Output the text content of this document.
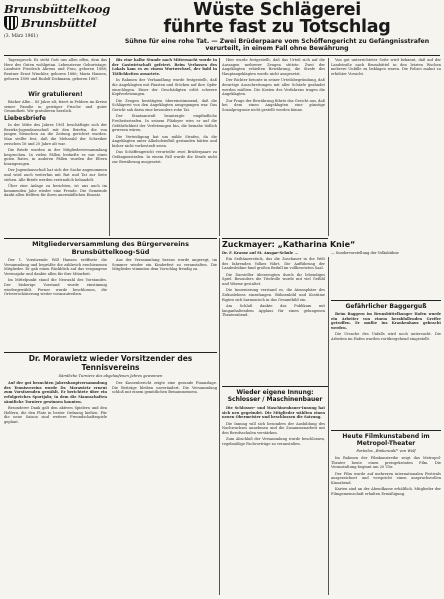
Brunsbüttelkoog
Brunsbüttel
(3. März 1961)
Wüste Schlägerei
führte fast zu Totschlag
Sühne für eine rohe Tat. — Zwei Brüderpaare vom Schöffengericht zu Gefängnisstrafen verurteilt, in einem Fall ohne Bewährung

Tagesspruch: Es steht Gott uns allen offen, dem das Herz des Guten wohlgetan. Lebenstreue Geburtstage: Landwirt Friedrich Ahrens und Frau, geboren 1888; Rentner Ernst Winckler, geboren 1886; Maria Hansen, geboren 1890 und Rudolf Dickmann, geboren 1887.

Wir gratulieren!

Bäcker Albe... 85 Jahre alt, feiert in Feldern im Kreise seiner Familie in geistiger Frische und guter Gesundheit. Wir gratulieren herzlich.

Liebesbriefe

In der Mitte des Jahres 1961 beschäftigte sich der Bezirks-Jugendausschuß mit den Briefen, die von jungen Menschen an die Zeitung gerichtet wurden. Man stellte fest, daß die Mehrzahl der Schreiber zwischen 16 und 20 Jahre alt war.

Die Briefe wurden in der Mitgliederversammlung besprochen. In vielen Fällen bedurfte es nur eines guten Rates, in anderen Fällen wurden die Eltern hinzugezogen.

Der Jugendausschuß hat sich der Sache angenommen und wird auch weiterhin mit Rat und Tat zur Seite stehen. Alle Briefe werden vertraulich behandelt.

Über eine Anlage zu berichten, ist uns auch im kommenden Jahr wieder eine Freude. Die Gemeinde dankt allen Helfern für ihren unermüdlichen Einsatz.

Bis eine halbe Stunde nach Mitternacht wurde in der Gastwirtschaft gefeiert. Beim Verlassen des Lokals kam es zu einem Wortwechsel, der bald in Tätlichkeiten ausartete.

In Rahmen der Verhandlung wurde festgestellt, daß die Angeklagten mit Fäusten und Stöcken auf ihre Opfer einschlugen. Einer der Geschädigten erlitt schwere Kopfverletzungen.

Die Zeugen bestätigten übereinstimmend, daß die Schlägerei von den Angeklagten ausgegangen war. Das Gericht sah darin eine besonders rohe Tat.

Der Staatsanwalt beantragte empfindliche Freiheitsstrafen. In seinem Plädoyer wies er auf die Gefährlichkeit der Verletzungen hin, die beinahe tödlich gewesen wären.

Die Verteidigung bat um milde Strafen, da die Angeklagten unter Alkoholeinfluß gestanden hätten und bisher nicht vorbestraft seien.

Das Schöffengericht verurteilte zwei Brüderpaare zu Gefängnisstrafen. In einem Fall wurde die Strafe nicht zur Bewährung ausgesetzt.

Hier wurde festgestellt, daß das Urteil sich auf die Aussagen mehrerer Zeugen stützte. Zwei der Angeklagten erhielten Bewährung, die Strafe des Hauptangeklagten wurde nicht ausgesetzt.

Der Richter betonte in seiner Urteilsbegründung, daß derartige Ausschreitungen mit aller Schärfe geahndet werden müßten. Die Kosten des Verfahrens tragen die Angeklagten.

Zur Frage der Bewährung führte das Gericht aus, daß bei dem einen Angeklagten eine günstige Sozialprognose nicht gestellt werden könne.

Von gut unterrichteter Seite wird bekannt, daß auf der Landstraße nach Brunsbüttel in den letzten Wochen mehrere Unfälle zu beklagen waren. Die Polizei mahnt zu erhöhter Vorsicht.

Mitgliederversammlung des Bürgervereins Brunsbüttelkoog-Süd

Der 1. Vorsitzende Will Hansen eröffnete die Versammlung und begrüßte die zahlreich erschienenen Mitglieder. Er gab einen Rückblick auf das vergangene Vereinsjahr und dankte allen für ihre Mitarbeit.

Im Mittelpunkt stand die Neuwahl des Vorstandes. Der bisherige Vorstand wurde einstimmig wiedergewählt. Ferner wurde beschlossen, die Ortsverschönerung weiter voranzutreiben.

Aus der Versammlung heraus wurde angeregt, im Sommer wieder ein Kinderfest zu veranstalten. Die Mitglieder stimmten dem Vorschlag freudig zu.

Dr. Morawietz wieder Vorsitzender des Tennisvereins
Sämtliche Turniere des abgelaufenen Jahres gewonnen

Auf der gut besuchten Jahreshauptversammlung des Tennisvereins wurde Dr. Morawietz erneut zum Vorsitzenden gewählt. Er berichtete über ein erfolgreiches Sportjahr, in dem die Mannschaften sämtliche Turniere gewinnen konnten.

Besonderer Dank galt den aktiven Spielern und den Helfern, die den Platz in bester Ordnung hielten. Für die neue Saison sind weitere Freundschaftsspiele geplant.

Der Kassenbericht zeigte eine gesunde Finanzlage. Die Beiträge bleiben unverändert. Die Versammlung schloß mit einem gemütlichen Beisammensein.

Zuckmayer: „Katharina Knie“
Dr. F. Krause auf St. Ansgar-Schule ...	— Sondervorstellung der Volksbühne

Ein Seiltänzerstück, das die Zuschauer in die Welt des fahrenden Volkes führt. Die Aufführung der Landesbühne fand großen Beifall im vollbesetzten Saal.

Die Darsteller überzeugten durch ihr lebendiges Spiel. Besonders die Titelrolle wurde mit viel Gefühl und Wärme gestaltet.

Die Inszenierung verstand es, die Atmosphäre des Zirkuslebens einzufangen. Bühnenbild und Kostüme fügten sich harmonisch in das Gesamtbild ein.

Am Schluß dankte das Publikum mit langanhaltendem Applaus für einen gelungenen Theaterabend.

Wieder eigene Innung: Schlosser / Maschinenbauer

Die Schlosser- und Maschinenbauer-Innung hat sich neu gegründet. Die Mitglieder wählten einen neuen Obermeister und beschlossen die Satzung.

Die Innung will sich besonders der Ausbildung des Nachwuchses annehmen und die Zusammenarbeit mit den Berufsschulen verstärken.

Zum Abschluß der Versammlung wurde beschlossen, regelmäßige Fachvorträge zu veranstalten.

Gefährlicher Baggerguß

Beim Baggern im Brunsbüttelkooger Hafen wurde ein Arbeiter von einem herabfallenden Greifer getroffen. Er mußte ins Krankenhaus gebracht werden.

Die Ursache des Unfalls wird noch untersucht. Die Arbeiten im Hafen wurden vorübergehend eingestellt.

Heute Filmkunstabend im Metropol-Theater
Parteilos „Binkenzahl" von Wolf

Im Rahmen der Filmkunstreihe zeigt das Metropol-Theater heute einen preisgekrönten Film. Die Veranstaltung beginnt um 20 Uhr.

Der Film wurde auf mehreren internationalen Festivals ausgezeichnet und verspricht einen anspruchsvollen Kinoabend.

Karten sind an der Abendkasse erhältlich. Mitglieder der Filmgemeinschaft erhalten Ermäßigung.
